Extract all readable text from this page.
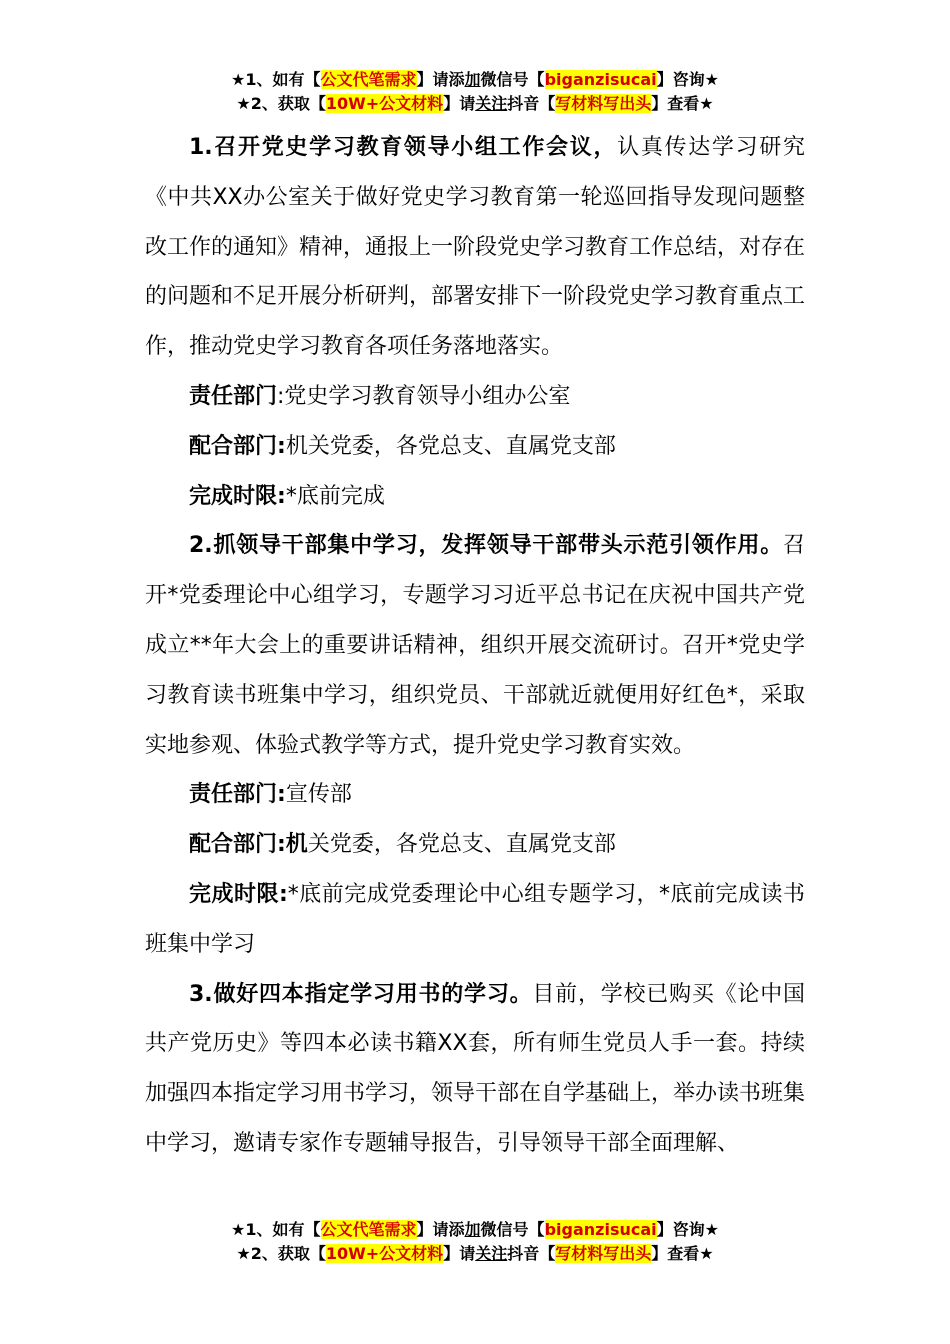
★1、如有【公文代笔需求】请添加微信号【biganzisucai】咨询★
★2、获取【10W+公文材料】请关注抖音【写材料写出头】查看★

1.召开党史学习教育领导小组工作会议，认真传达学习研究《中共XX办公室关于做好党史学习教育第一轮巡回指导发现问题整改工作的通知》精神，通报上一阶段党史学习教育工作总结，对存在的问题和不足开展分析研判，部署安排下一阶段党史学习教育重点工作，推动党史学习教育各项任务落地落实。

责任部门:党史学习教育领导小组办公室

配合部门:机关党委，各党总支、直属党支部

完成时限:*底前完成

2.抓领导干部集中学习，发挥领导干部带头示范引领作用。召开*党委理论中心组学习，专题学习习近平总书记在庆祝中国共产党成立**年大会上的重要讲话精神，组织开展交流研讨。召开*党史学习教育读书班集中学习，组织党员、干部就近就便用好红色*，采取实地参观、体验式教学等方式，提升党史学习教育实效。

责任部门:宣传部

配合部门:机关党委，各党总支、直属党支部

完成时限:*底前完成党委理论中心组专题学习，*底前完成读书班集中学习

3.做好四本指定学习用书的学习。目前，学校已购买《论中国共产党历史》等四本必读书籍XX套，所有师生党员人手一套。持续加强四本指定学习用书学习，领导干部在自学基础上，举办读书班集中学习，邀请专家作专题辅导报告，引导领导干部全面理解、

★1、如有【公文代笔需求】请添加微信号【biganzisucai】咨询★
★2、获取【10W+公文材料】请关注抖音【写材料写出头】查看★
